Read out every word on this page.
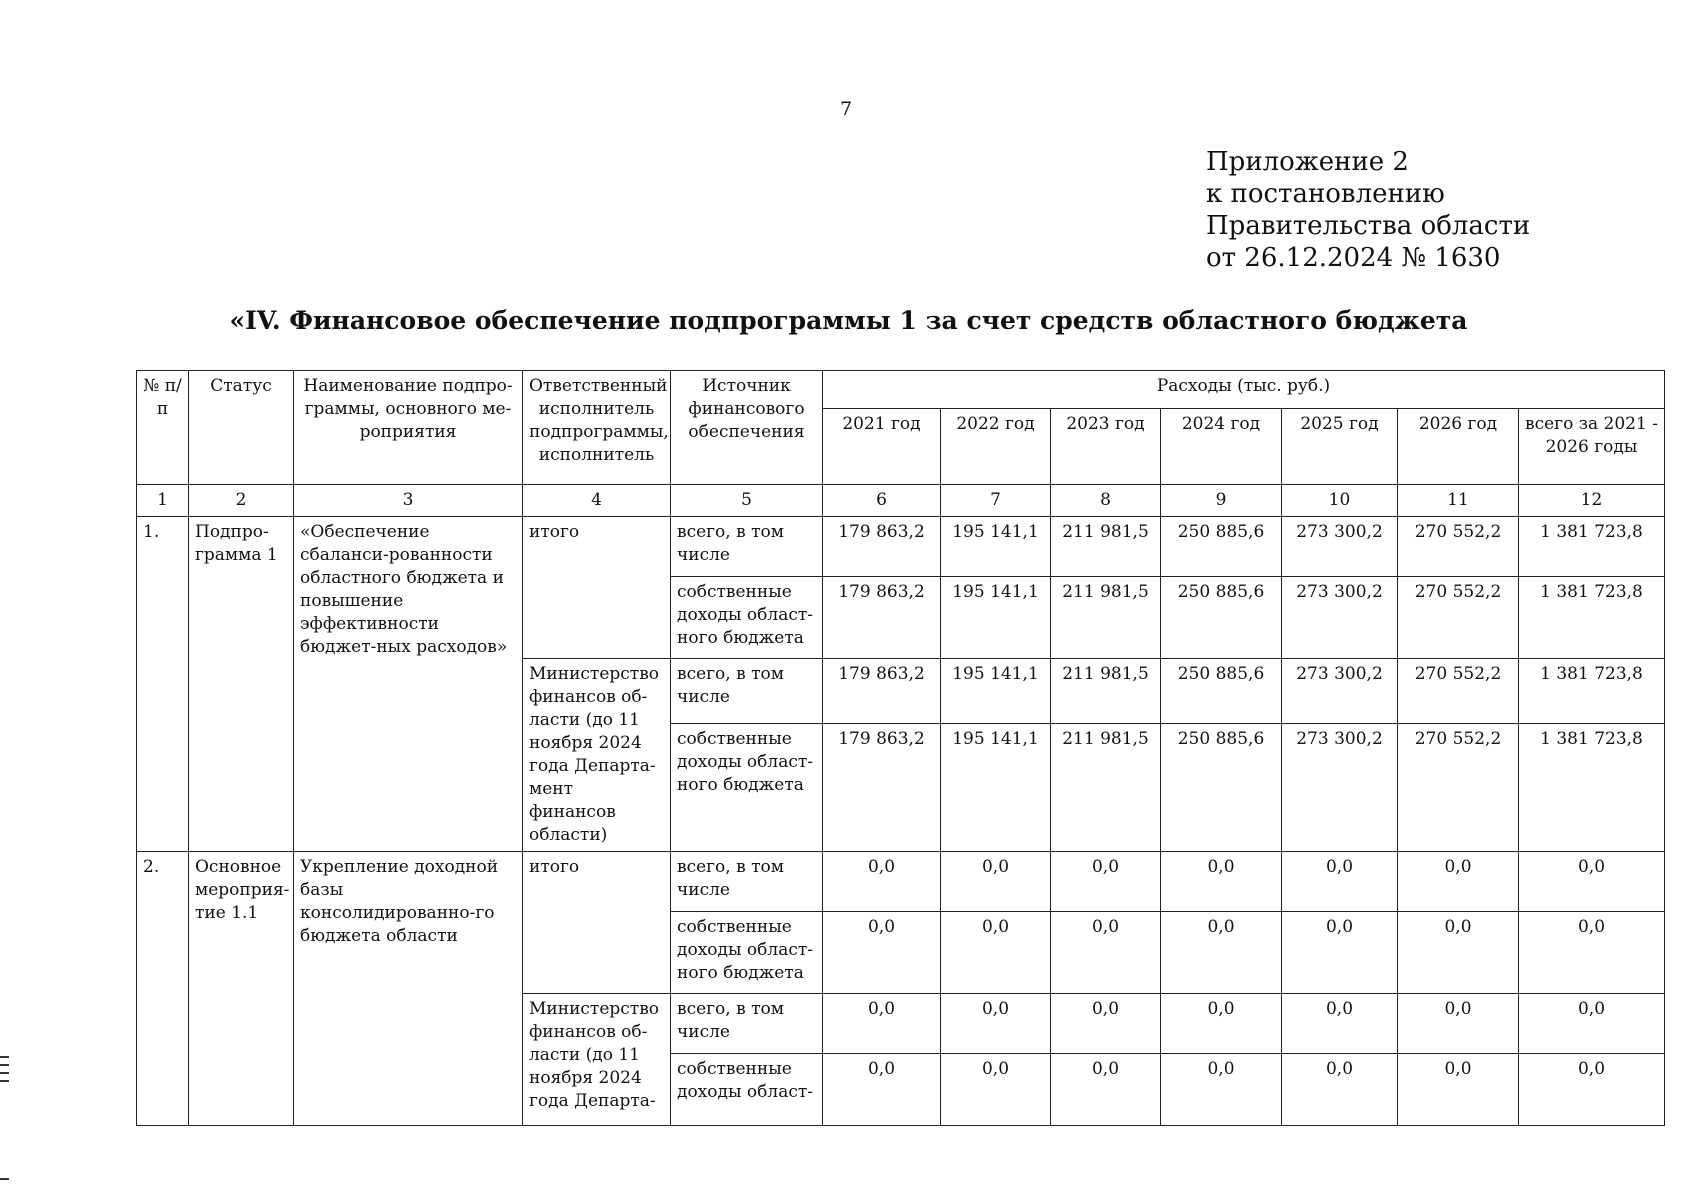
7
Приложение 2
к постановлению
Правительства области
от 26.12.2024 № 1630
«IV. Финансовое обеспечение подпрограммы 1 за счет средств областного бюджета
№ п/п	Статус	Наименование подпро-граммы, основного ме-роприятия	Ответственный исполнитель подпрограммы, исполнитель	Источник финансового обеспечения	Расходы (тыс. руб.)						
					2021 год	2022 год	2023 год	2024 год	2025 год	2026 год	всего за 2021 - 2026 годы
1	2	3	4	5	6	7	8	9	10	11	12
1.	Подпро-грамма 1	«Обеспечение сбаланси-рованности областного бюджета и повышение эффективности бюджет-ных расходов»	итого	всего, в том числе	179 863,2	195 141,1	211 981,5	250 885,6	273 300,2	270 552,2	1 381 723,8
				собственные доходы област-ного бюджета	179 863,2	195 141,1	211 981,5	250 885,6	273 300,2	270 552,2	1 381 723,8
			Министерство финансов об-ласти (до 11 ноября 2024 года Департа-мент финансов области)	всего, в том числе	179 863,2	195 141,1	211 981,5	250 885,6	273 300,2	270 552,2	1 381 723,8
				собственные доходы област-ного бюджета	179 863,2	195 141,1	211 981,5	250 885,6	273 300,2	270 552,2	1 381 723,8
2.	Основное мероприя-тие 1.1	Укрепление доходной базы консолидированно-го бюджета области	итого	всего, в том числе	0,0	0,0	0,0	0,0	0,0	0,0	0,0
				собственные доходы област-ного бюджета	0,0	0,0	0,0	0,0	0,0	0,0	0,0
			Министерство финансов об-ласти (до 11 ноября 2024 года Департа-	всего, в том числе	0,0	0,0	0,0	0,0	0,0	0,0	0,0
				собственные доходы област-	0,0	0,0	0,0	0,0	0,0	0,0	0,0
